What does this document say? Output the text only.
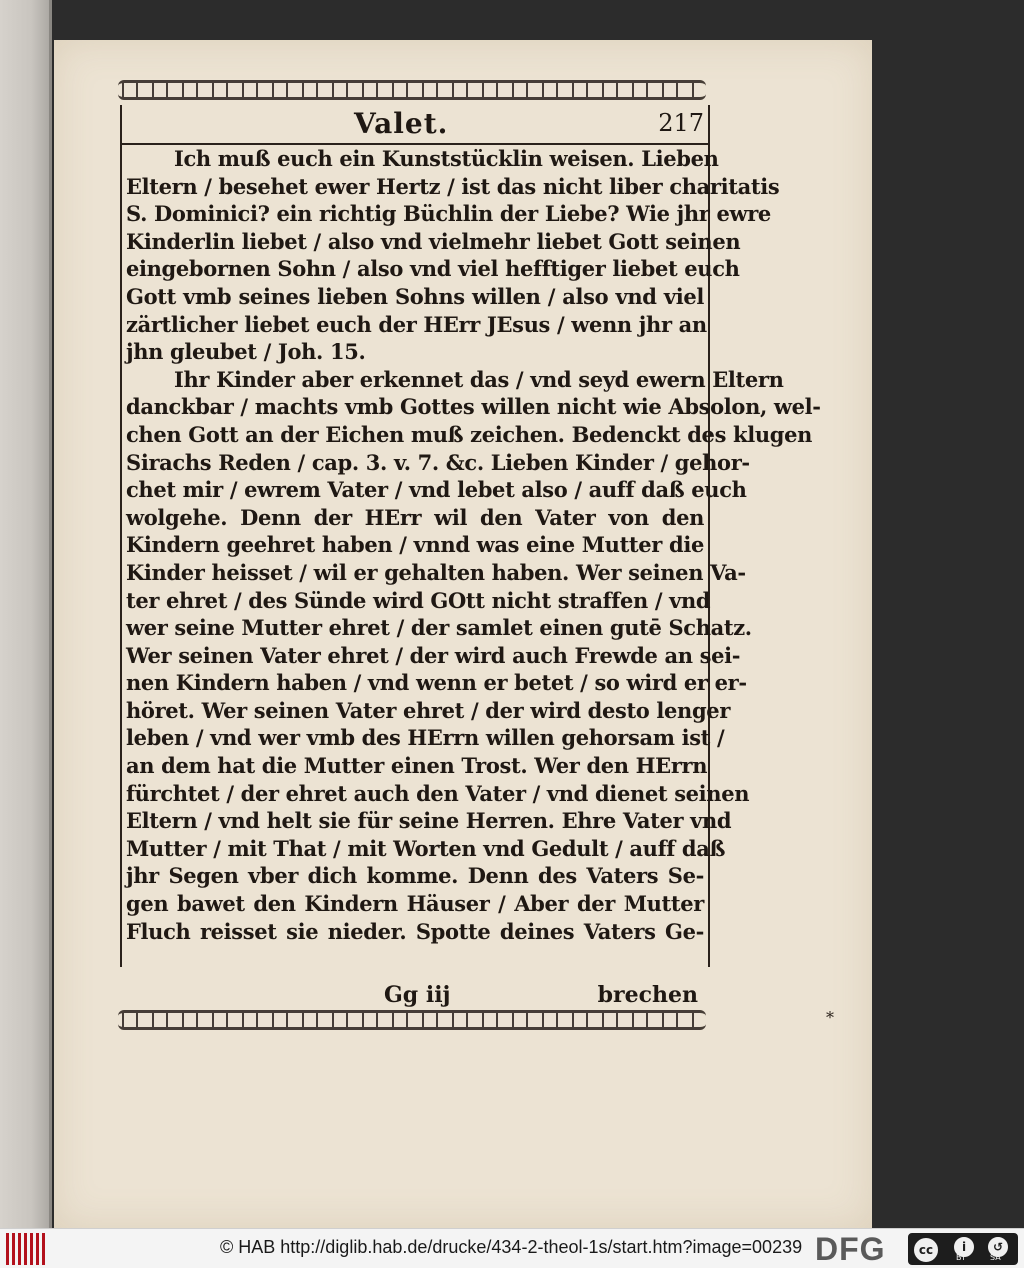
Valet.	217
Ich muß euch ein Kunststücklin weisen. Lieben
Eltern / besehet ewer Hertz / ist das nicht liber charitatis
S. Dominici? ein richtig Büchlin der Liebe? Wie jhr ewre
Kinderlin liebet / also vnd vielmehr liebet Gott seinen
eingebornen Sohn / also vnd viel hefftiger liebet euch
Gott vmb seines lieben Sohns willen / also vnd viel
zärtlicher liebet euch der HErr JEsus / wenn jhr an
jhn gleubet / Joh. 15.
Ihr Kinder aber erkennet das / vnd seyd ewern Eltern
danckbar / machts vmb Gottes willen nicht wie Absolon, wel-
chen Gott an der Eichen muß zeichen. Bedenckt des klugen
Sirachs Reden / cap. 3. v. 7. &c. Lieben Kinder / gehor-
chet mir / ewrem Vater / vnd lebet also / auff daß euch
wolgehe. Denn der HErr wil den Vater von den
Kindern geehret haben / vnnd was eine Mutter die
Kinder heisset / wil er gehalten haben. Wer seinen Va-
ter ehret / des Sünde wird GOtt nicht straffen / vnd
wer seine Mutter ehret / der samlet einen gutē Schatz.
Wer seinen Vater ehret / der wird auch Frewde an sei-
nen Kindern haben / vnd wenn er betet / so wird er er-
höret. Wer seinen Vater ehret / der wird desto lenger
leben / vnd wer vmb des HErrn willen gehorsam ist /
an dem hat die Mutter einen Trost. Wer den HErrn
fürchtet / der ehret auch den Vater / vnd dienet seinen
Eltern / vnd helt sie für seine Herren. Ehre Vater vnd
Mutter / mit That / mit Worten vnd Gedult / auff daß
jhr Segen vber dich komme. Denn des Vaters Se-
gen bawet den Kindern Häuser / Aber der Mutter
Fluch reisset sie nieder. Spotte deines Vaters Ge-
Gg iij	brechen
*
© HAB http://diglib.hab.de/drucke/434-2-theol-1s/start.htm?image=00239 DFG	cc	i	↺
BY	SA
